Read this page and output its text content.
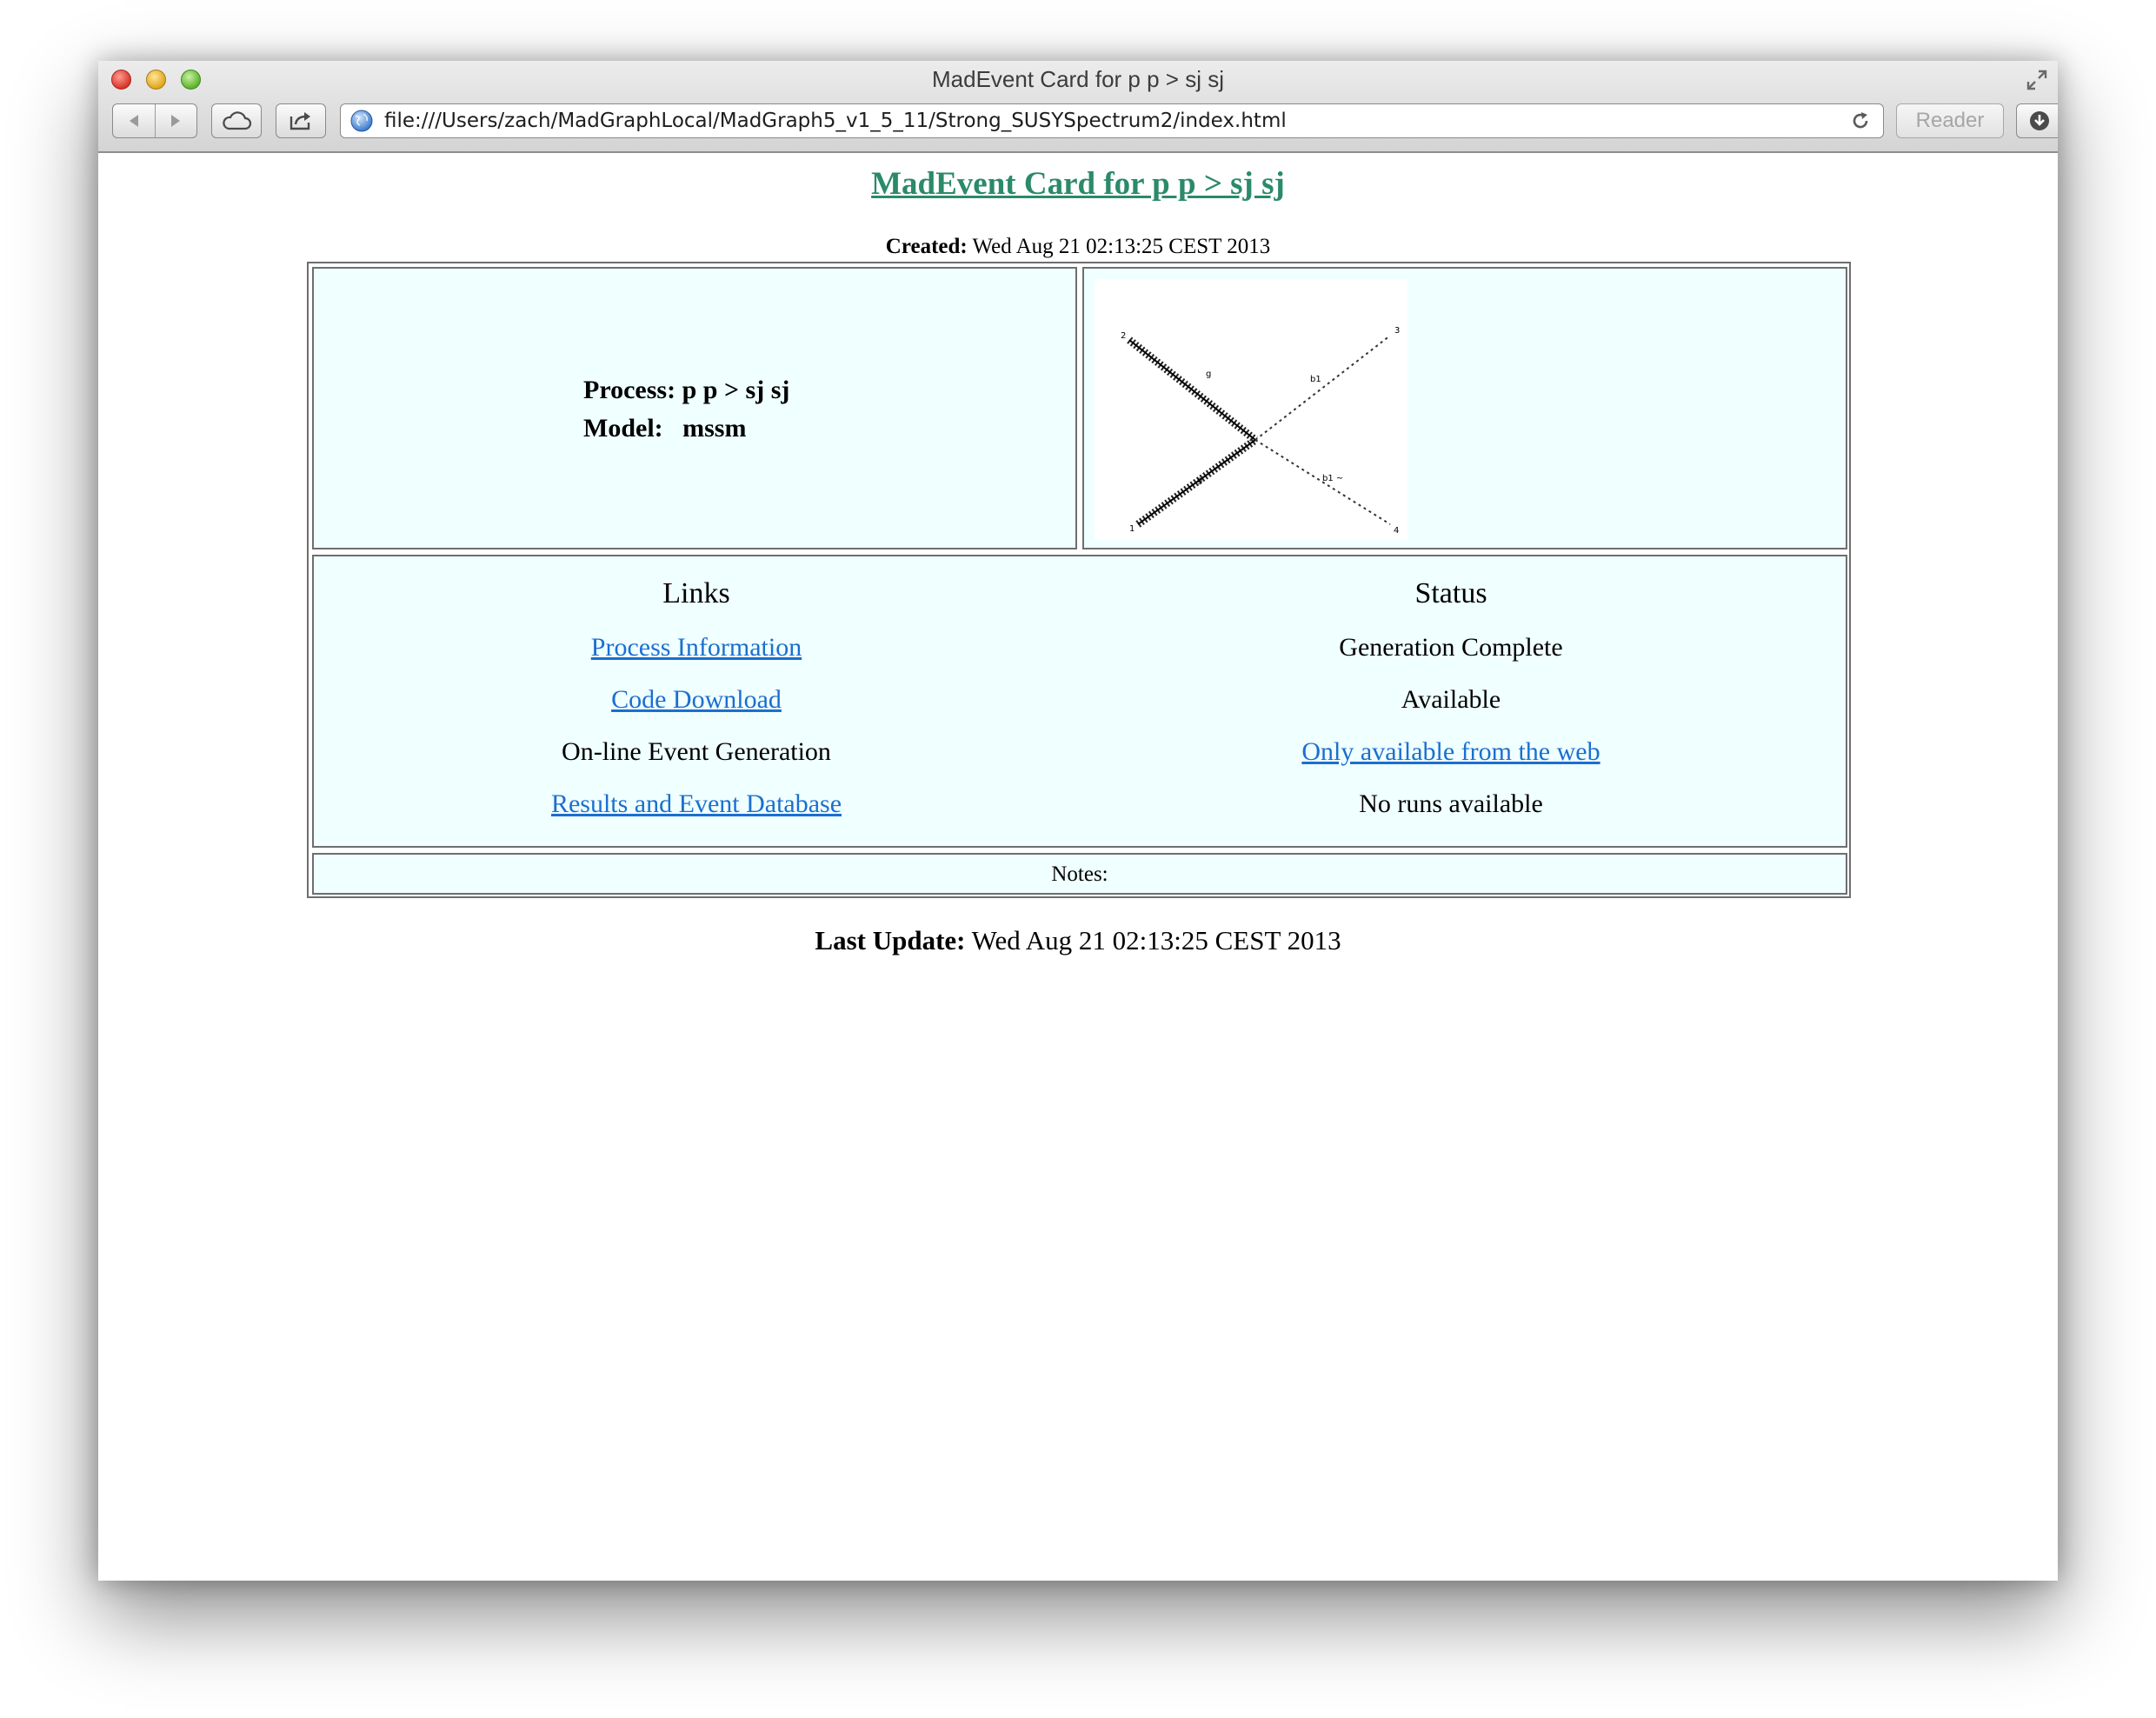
MadEvent Card for p p > sj sj
file:///Users/zach/MadGraphLocal/MadGraph5_v1_5_11/Strong_SUSYSpectrum2/index.html	Reader
MadEvent Card for p p > sj sj
Created: Wed Aug 21 02:13:25 CEST 2013
Process: p p > sj sj
Model: mssm
2
1
3
4
g
g
b1
b1 ~
Links
Process Information
Code Download
On-line Event Generation
Results and Event Database
Status
Generation Complete
Available
Only available from the web
No runs available
Notes:
Last Update: Wed Aug 21 02:13:25 CEST 2013
